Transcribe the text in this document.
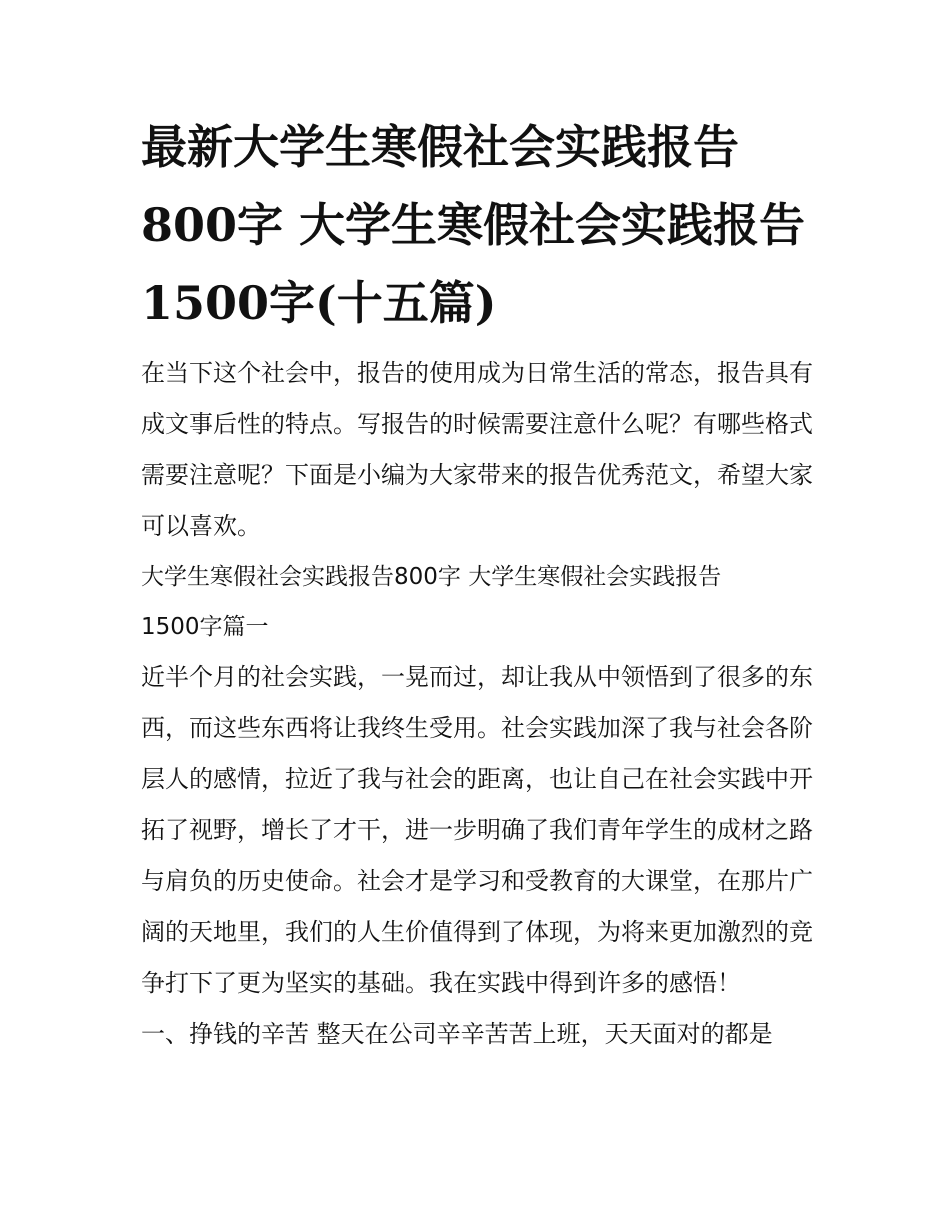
最新大学生寒假社会实践报告800字 大学生寒假社会实践报告1500字(十五篇)

在当下这个社会中，报告的使用成为日常生活的常态，报告具有成文事后性的特点。写报告的时候需要注意什么呢？有哪些格式需要注意呢？下面是小编为大家带来的报告优秀范文，希望大家可以喜欢。

大学生寒假社会实践报告800字 大学生寒假社会实践报告1500字篇一

近半个月的社会实践，一晃而过，却让我从中领悟到了很多的东西，而这些东西将让我终生受用。社会实践加深了我与社会各阶层人的感情，拉近了我与社会的距离，也让自己在社会实践中开拓了视野，增长了才干，进一步明确了我们青年学生的成材之路与肩负的历史使命。社会才是学习和受教育的大课堂，在那片广阔的天地里，我们的人生价值得到了体现，为将来更加激烈的竞争打下了更为坚实的基础。我在实践中得到许多的感悟！

一、挣钱的辛苦 整天在公司辛辛苦苦上班，天天面对的都是
